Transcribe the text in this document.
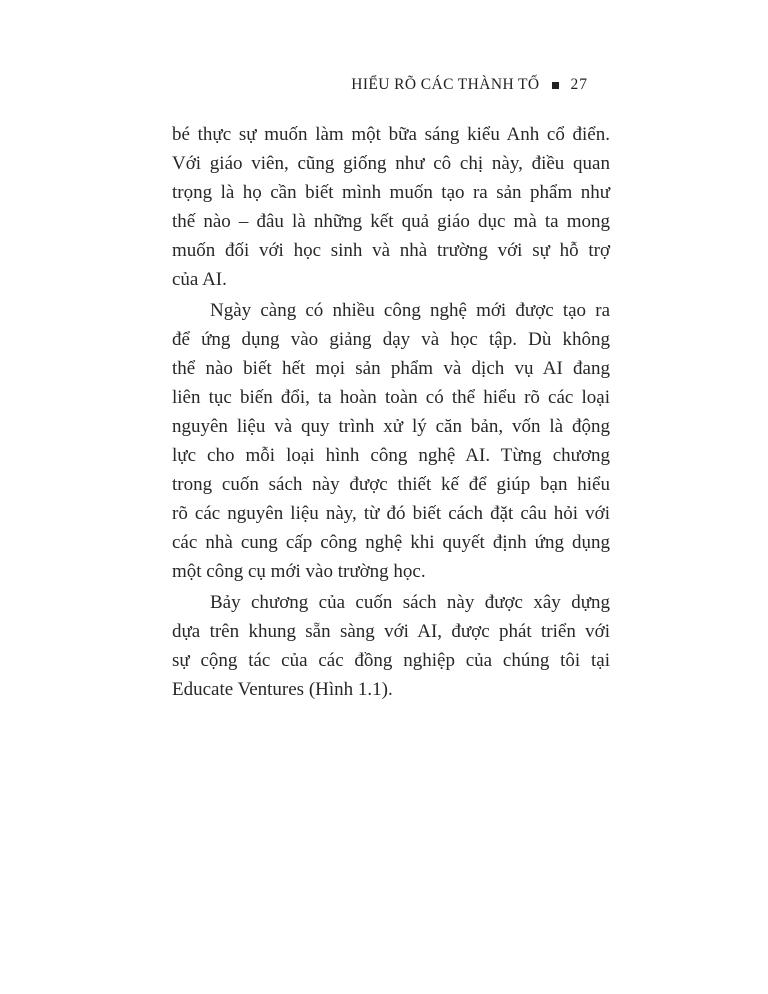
HIỂU RÕ CÁC THÀNH TỐ 27
bé thực sự muốn làm một bữa sáng kiểu Anh cổ điển.
Với giáo viên, cũng giống như cô chị này, điều quan
trọng là họ cần biết mình muốn tạo ra sản phẩm như
thế nào – đâu là những kết quả giáo dục mà ta mong
muốn đối với học sinh và nhà trường với sự hỗ trợ
của AI.
Ngày càng có nhiều công nghệ mới được tạo ra
để ứng dụng vào giảng dạy và học tập. Dù không
thể nào biết hết mọi sản phẩm và dịch vụ AI đang
liên tục biến đổi, ta hoàn toàn có thể hiểu rõ các loại
nguyên liệu và quy trình xử lý căn bản, vốn là động
lực cho mỗi loại hình công nghệ AI. Từng chương
trong cuốn sách này được thiết kế để giúp bạn hiểu
rõ các nguyên liệu này, từ đó biết cách đặt câu hỏi với
các nhà cung cấp công nghệ khi quyết định ứng dụng
một công cụ mới vào trường học.
Bảy chương của cuốn sách này được xây dựng
dựa trên khung sẵn sàng với AI, được phát triển với
sự cộng tác của các đồng nghiệp của chúng tôi tại
Educate Ventures (Hình 1.1).
